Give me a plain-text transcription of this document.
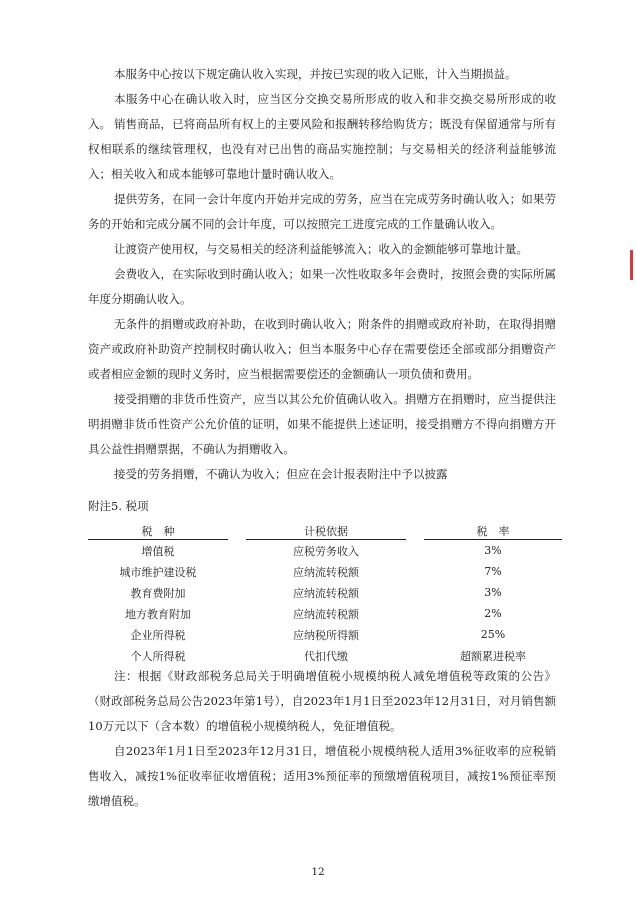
本服务中心按以下规定确认收入实现，并按已实现的收入记账，计入当期损益。

本服务中心在确认收入时，应当区分交换交易所形成的收入和非交换交易所形成的收入。 销售商品，已将商品所有权上的主要风险和报酬转移给购货方；既没有保留通常与所有权相联系的继续管理权，也没有对已出售的商品实施控制；与交易相关的经济利益能够流入；相关收入和成本能够可靠地计量时确认收入。

提供劳务，在同一会计年度内开始并完成的劳务，应当在完成劳务时确认收入；如果劳务的开始和完成分属不同的会计年度，可以按照完工进度完成的工作量确认收入。

让渡资产使用权，与交易相关的经济利益能够流入；收入的金额能够可靠地计量。

会费收入，在实际收到时确认收入；如果一次性收取多年会费时，按照会费的实际所属年度分期确认收入。

无条件的捐赠或政府补助，在收到时确认收入；附条件的捐赠或政府补助，在取得捐赠资产或政府补助资产控制权时确认收入；但当本服务中心存在需要偿还全部或部分捐赠资产或者相应金额的现时义务时，应当根据需要偿还的金额确认一项负债和费用。

接受捐赠的非货币性资产，应当以其公允价值确认收入。捐赠方在捐赠时，应当提供注明捐赠非货币性资产公允价值的证明，如果不能提供上述证明，接受捐赠方不得向捐赠方开具公益性捐赠票据，不确认为捐赠收入。

接受的劳务捐赠，不确认为收入；但应在会计报表附注中予以披露

附注5. 税项

税　种		计税依据		税　率
增值税		应税劳务收入		3%
城市维护建设税		应纳流转税额		7%
教育费附加		应纳流转税额		3%
地方教育附加		应纳流转税额		2%
企业所得税		应纳税所得额		25%
个人所得税		代扣代缴		超额累进税率

注：根据《财政部税务总局关于明确增值税小规模纳税人减免增值税等政策的公告》（财政部税务总局公告2023年第1号），自2023年1月1日至2023年12月31日，对月销售额10万元以下（含本数）的增值税小规模纳税人，免征增值税。

自2023年1月1日至2023年12月31日，增值税小规模纳税人适用3%征收率的应税销售收入，减按1%征收率征收增值税；适用3%预征率的预缴增值税项目，减按1%预征率预缴增值税。

12
